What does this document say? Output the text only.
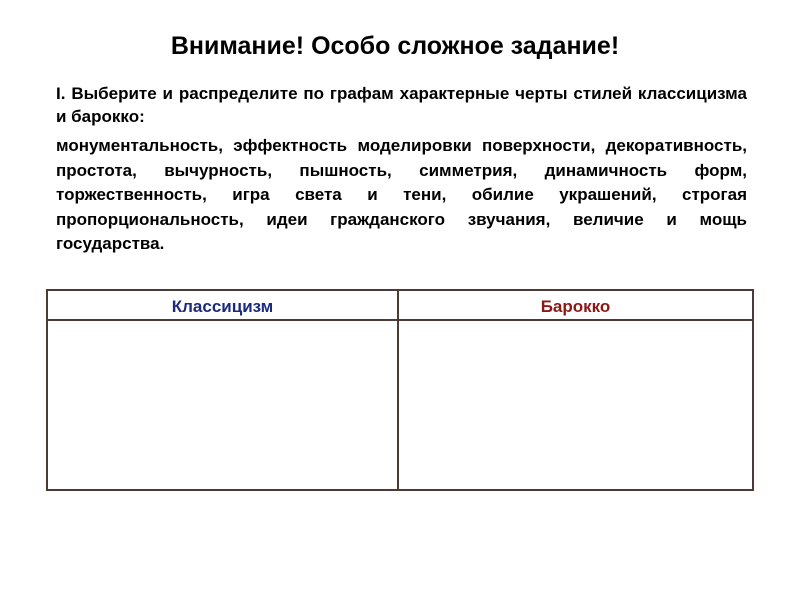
Внимание! Особо сложное задание!

I. Выберите и распределите по графам характерные черты стилей классицизма и барокко:

монументальность, эффектность моделировки поверхности, декоративность, простота, вычурность, пышность, симметрия, динамичность форм, торжественность, игра света и тени, обилие украшений, строгая пропорциональность, идеи гражданского звучания, величие и мощь государства.

Классицизм	Барокко
